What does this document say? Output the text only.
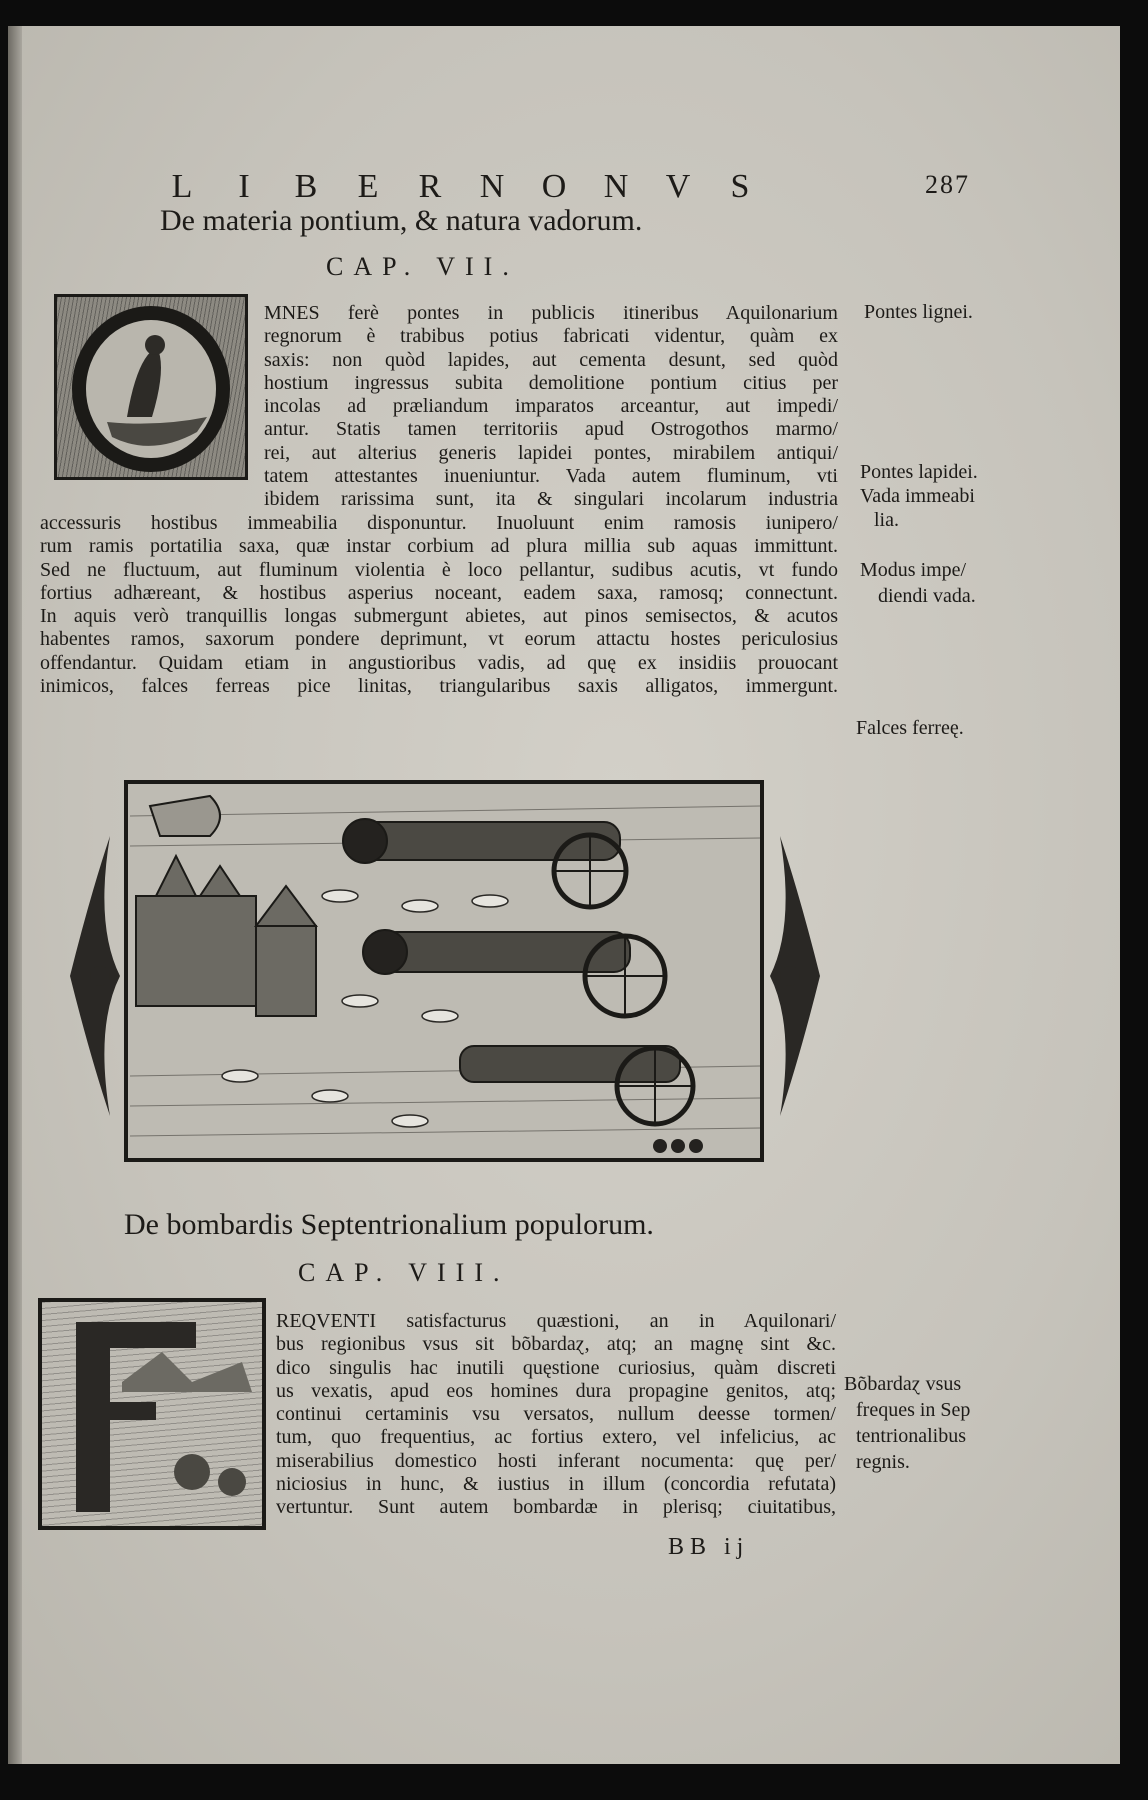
L I B E R N O N V S	287
De materia pontium, & natura vadorum.
CAP. VII.
MNES ferè pontes in publicis itineribus Aquilonarium
regnorum è trabibus potius fabricati videntur, quàm ex
saxis: non quòd lapides, aut cementa desunt, sed quòd
hostium ingressus subita demolitione pontium citius per
incolas ad præliandum imparatos arceantur, aut impedi/
antur. Statis tamen territoriis apud Ostrogothos marmo/
rei, aut alterius generis lapidei pontes, mirabilem antiqui/
tatem attestantes inueniuntur. Vada autem fluminum, vti
ibidem rarissima sunt, ita & singulari incolarum industria
accessuris hostibus immeabilia disponuntur. Inuoluunt enim ramosis iunipero/
rum ramis portatilia saxa, quæ instar corbium ad plura millia sub aquas immittunt.
Sed ne fluctuum, aut fluminum violentia è loco pellantur, sudibus acutis, vt fundo
fortius adhæreant, & hostibus asperius noceant, eadem saxa, ramosq; connectunt.
In aquis verò tranquillis longas submergunt abietes, aut pinos semisectos, & acutos
habentes ramos, saxorum pondere deprimunt, vt eorum attactu hostes periculosius
offendantur. Quidam etiam in angustioribus vadis, ad quę ex insidiis prouocant
inimicos, falces ferreas pice linitas, triangularibus saxis alligatos, immergunt.
Pontes lignei.
Pontes lapidei.
Vada immeabi
lia.
Modus impe/
diendi vada.
Falces ferreę.
De bombardis Septentrionalium populorum.
CAP. VIII.
REQVENTI satisfacturus quæstioni, an in Aquilonari/
bus regionibus vsus sit bõbardaɀ, atq; an magnę sint &c.
dico singulis hac inutili quęstione curiosius, quàm discreti
us vexatis, apud eos homines dura propagine genitos, atq;
continui certaminis vsu versatos, nullum deesse tormen/
tum, quo frequentius, ac fortius extero, vel infelicius, ac
miserabilius domestico hosti inferant nocumenta: quę per/
niciosius in hunc, & iustius in illum (concordia refutata)
vertuntur. Sunt autem bombardæ in plerisq; ciuitatibus,
Bõbardaɀ vsus
freques in Sep
tentrionalibus
regnis.
BB ij
